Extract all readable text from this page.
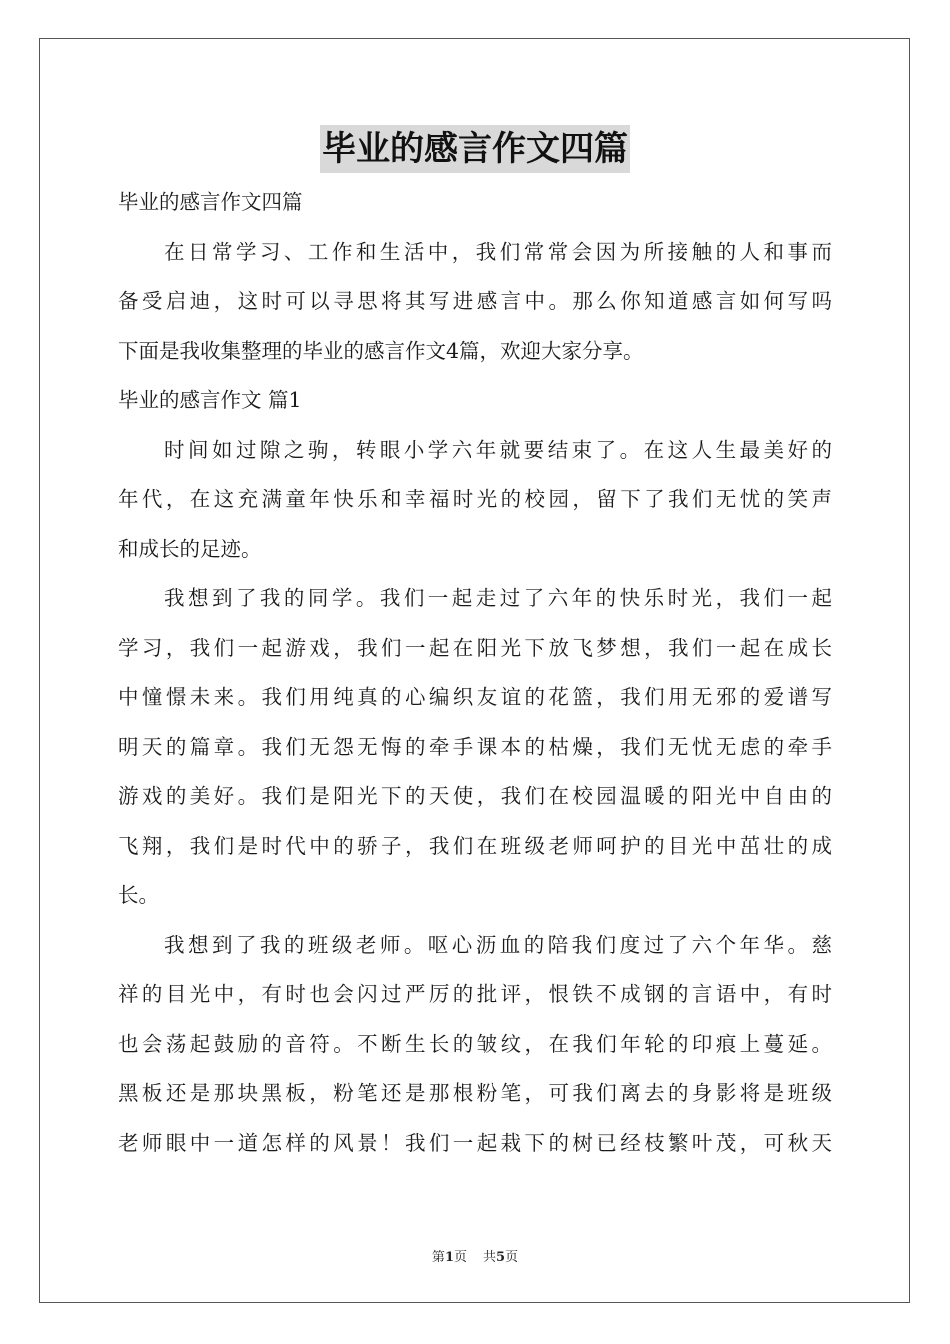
毕业的感言作文四篇
毕业的感言作文四篇
在日常学习、工作和生活中，我们常常会因为所接触的人和事而
备受启迪，这时可以寻思将其写进感言中。那么你知道感言如何写吗
下面是我收集整理的毕业的感言作文4篇，欢迎大家分享。
毕业的感言作文 篇1
时间如过隙之驹，转眼小学六年就要结束了。在这人生最美好的
年代，在这充满童年快乐和幸福时光的校园，留下了我们无忧的笑声
和成长的足迹。
我想到了我的同学。我们一起走过了六年的快乐时光，我们一起
学习，我们一起游戏，我们一起在阳光下放飞梦想，我们一起在成长
中憧憬未来。我们用纯真的心编织友谊的花篮，我们用无邪的爱谱写
明天的篇章。我们无怨无悔的牵手课本的枯燥，我们无忧无虑的牵手
游戏的美好。我们是阳光下的天使，我们在校园温暖的阳光中自由的
飞翔，我们是时代中的骄子，我们在班级老师呵护的目光中茁壮的成
长。
我想到了我的班级老师。呕心沥血的陪我们度过了六个年华。慈
祥的目光中，有时也会闪过严厉的批评，恨铁不成钢的言语中，有时
也会荡起鼓励的音符。不断生长的皱纹，在我们年轮的印痕上蔓延。
黑板还是那块黑板，粉笔还是那根粉笔，可我们离去的身影将是班级
老师眼中一道怎样的风景！我们一起栽下的树已经枝繁叶茂，可秋天
第1页 共5页
